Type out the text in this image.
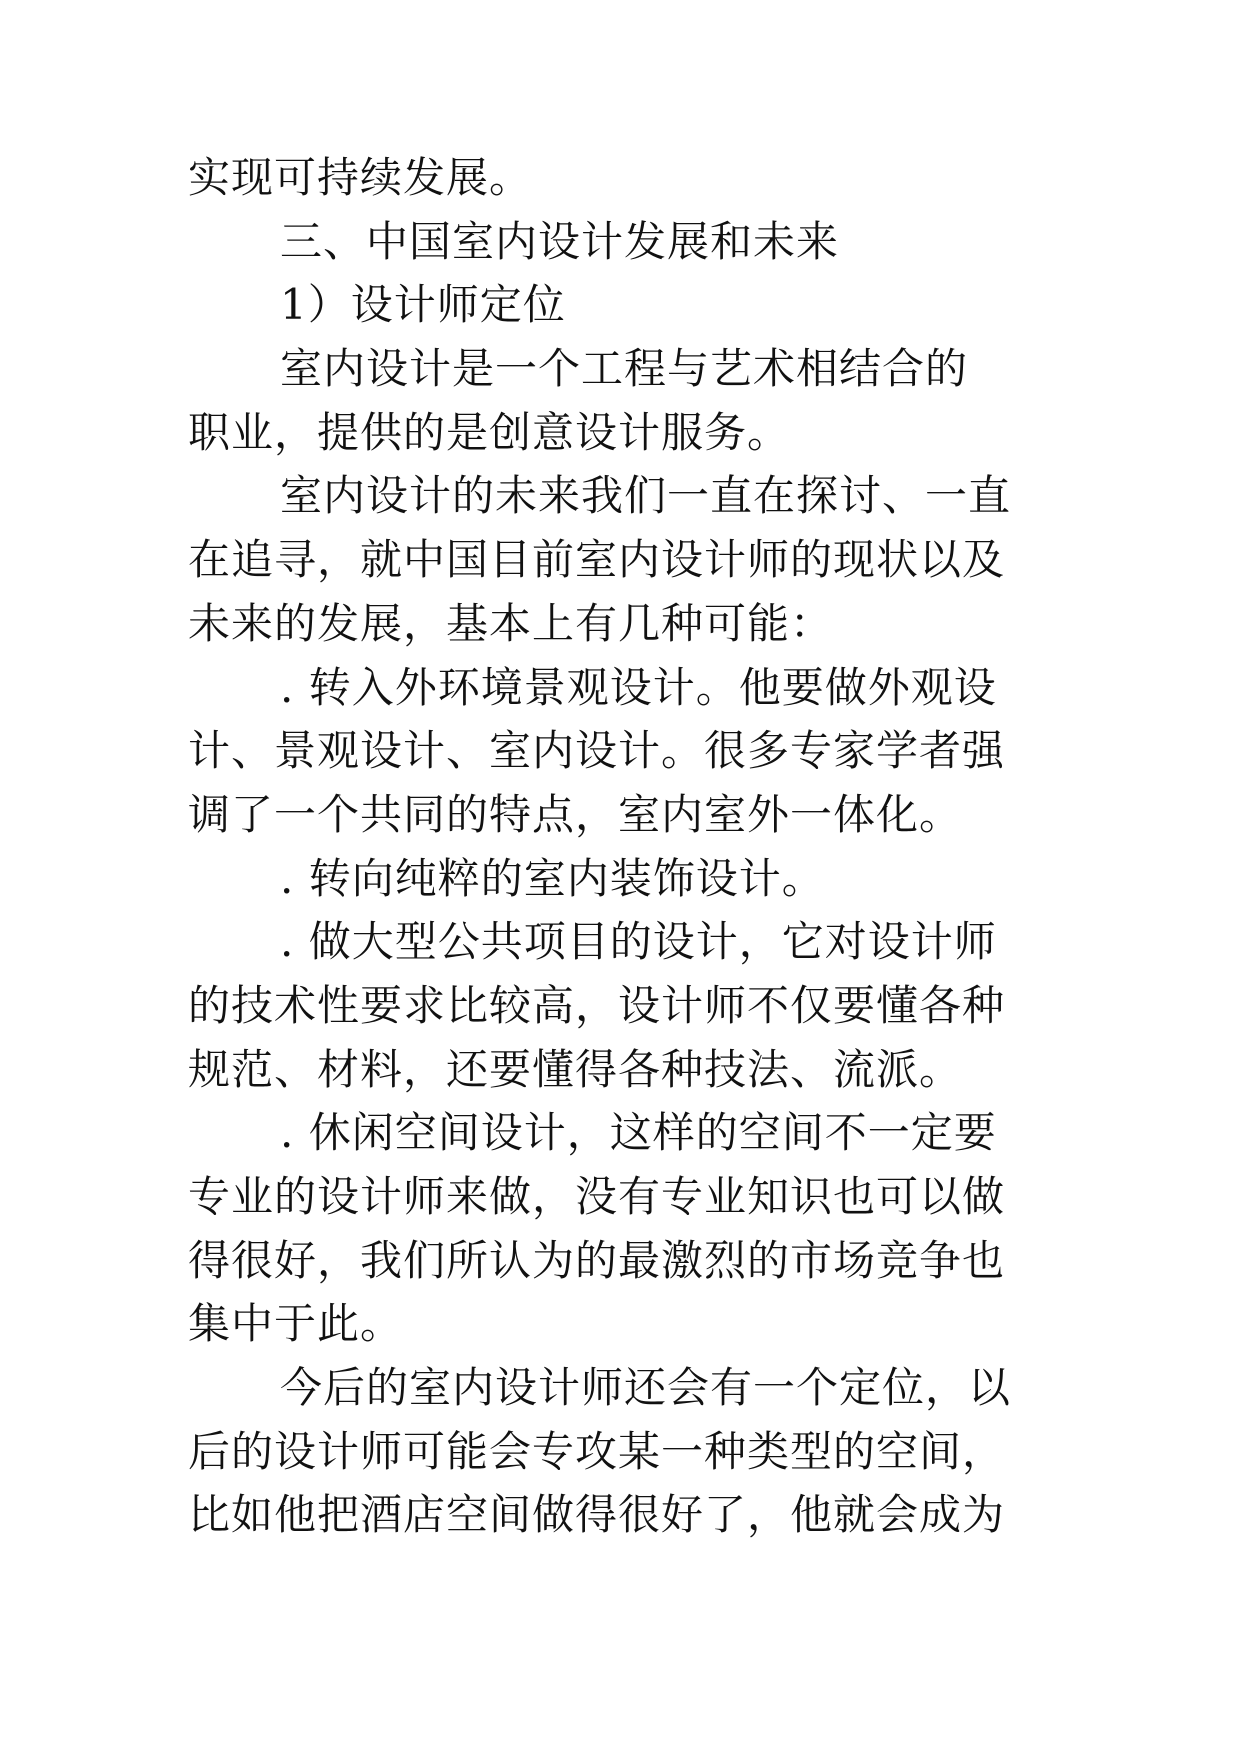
实现可持续发展。
三、中国室内设计发展和未来
1）设计师定位
室内设计是一个工程与艺术相结合的
职业，提供的是创意设计服务。
室内设计的未来我们一直在探讨、一直
在追寻，就中国目前室内设计师的现状以及
未来的发展，基本上有几种可能：
. 转入外环境景观设计。他要做外观设
计、景观设计、室内设计。很多专家学者强
调了一个共同的特点，室内室外一体化。
. 转向纯粹的室内装饰设计。
. 做大型公共项目的设计，它对设计师
的技术性要求比较高，设计师不仅要懂各种
规范、材料，还要懂得各种技法、流派。
. 休闲空间设计，这样的空间不一定要
专业的设计师来做，没有专业知识也可以做
得很好，我们所认为的最激烈的市场竞争也
集中于此。
今后的室内设计师还会有一个定位，以
后的设计师可能会专攻某一种类型的空间，
比如他把酒店空间做得很好了，他就会成为
